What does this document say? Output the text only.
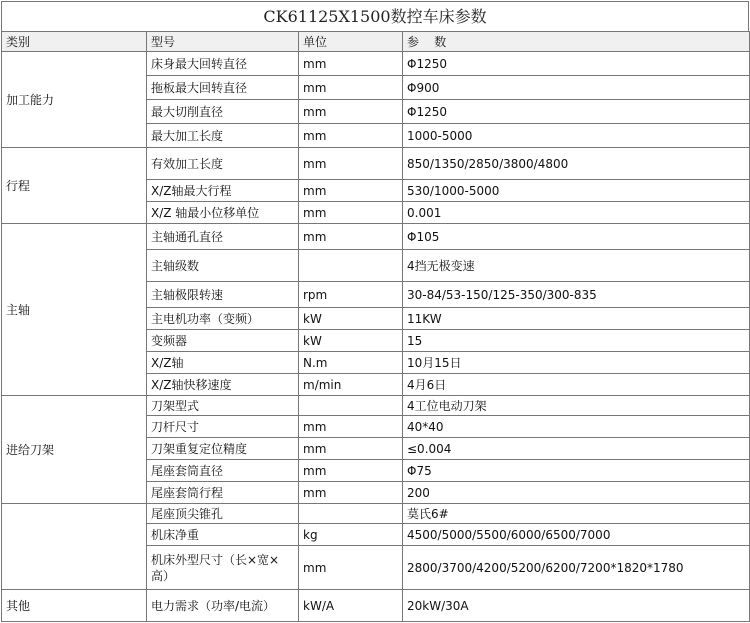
CK61125X1500数控车床参数
类别	型号	单位	参    数
加工能力	床身最大回转直径	mm	Φ1250
	拖板最大回转直径	mm	Φ900
	最大切削直径	mm	Φ1250
	最大加工长度	mm	1000-5000
行程	有效加工长度	mm	850/1350/2850/3800/4800
	X/Z轴最大行程	mm	530/1000-5000
	X/Z 轴最小位移单位	mm	0.001
主轴	主轴通孔直径	mm	Φ105
	主轴级数		4挡无极变速
	主轴极限转速	rpm	30-84/53-150/125-350/300-835
	主电机功率（变频）	kW	11KW
	变频器	kW	15
	X/Z轴	N.m	10月15日
	X/Z轴快移速度	m/min	4月6日
进给刀架	刀架型式		4工位电动刀架
	刀杆尺寸	mm	40*40
	刀架重复定位精度	mm	≤0.004
	尾座套筒直径	mm	Φ75
	尾座套筒行程	mm	200
	尾座顶尖锥孔		莫氏6#
	机床净重	kg	4500/5000/5500/6000/6500/7000
	机床外型尺寸（长×宽×高）	mm	2800/3700/4200/5200/6200/7200*1820*1780
其他	电力需求（功率/电流）	kW/A	20kW/30A
